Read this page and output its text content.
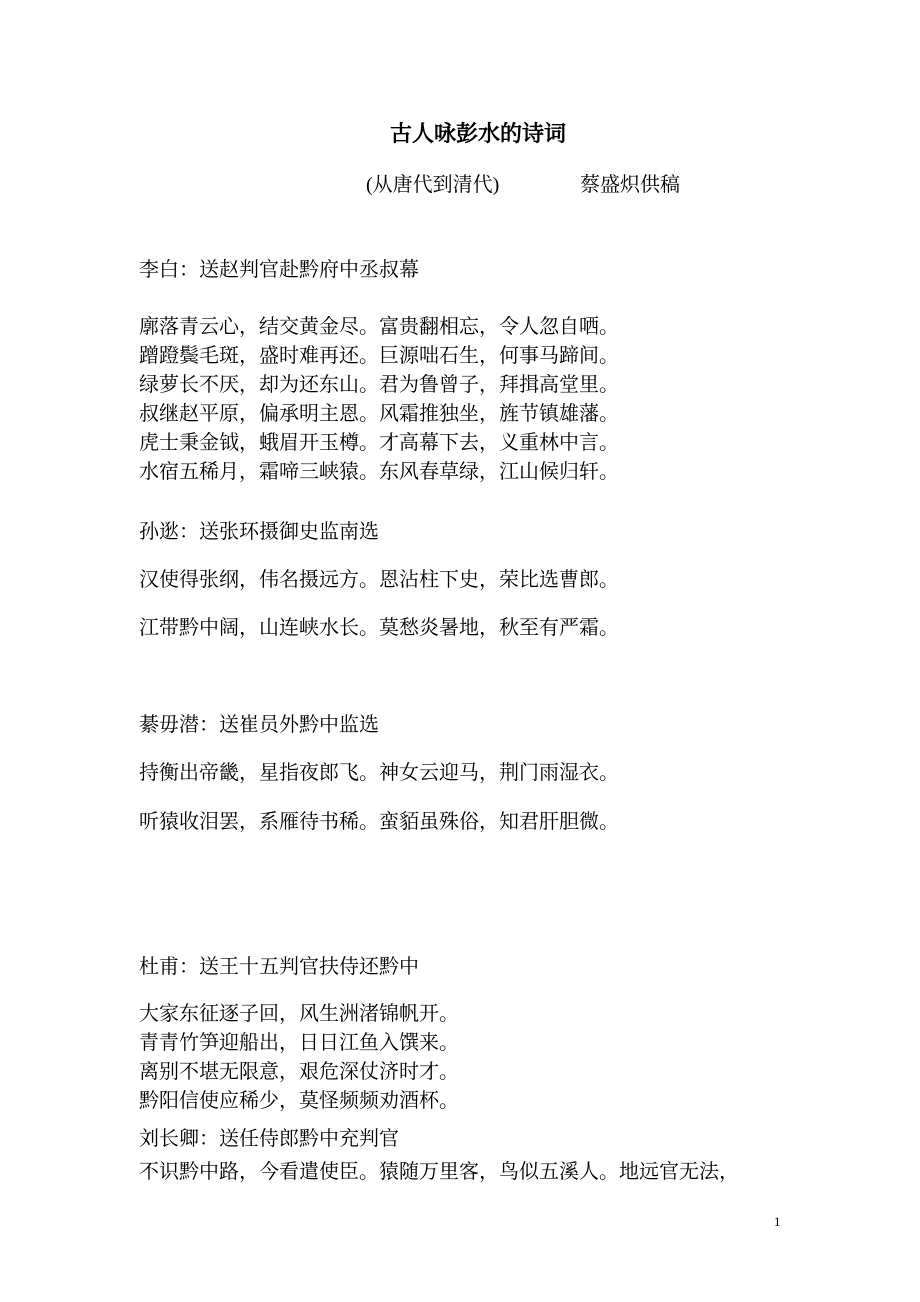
古人咏彭水的诗词
(从唐代到清代)	蔡盛炽供稿
李白：送赵判官赴黔府中丞叔幕
廓落青云心，结交黄金尽。富贵翻相忘，令人忽自哂。
蹭蹬鬓毛斑，盛时难再还。巨源咄石生，何事马蹄间。
绿萝长不厌，却为还东山。君为鲁曾子，拜揖高堂里。
叔继赵平原，偏承明主恩。风霜推独坐，旌节镇雄藩。
虎士秉金钺，蛾眉开玉樽。才高幕下去，义重林中言。
水宿五稀月，霜啼三峡猿。东风春草绿，江山候归轩。
孙逖：送张环摄御史监南选
汉使得张纲，伟名摄远方。恩沾柱下史，荣比选曹郎。
江带黔中阔，山连峡水长。莫愁炎暑地，秋至有严霜。
綦毋潜：送崔员外黔中监选
持衡出帝畿，星指夜郎飞。神女云迎马，荆门雨湿衣。
听猿收泪罢，系雁待书稀。蛮貊虽殊俗，知君肝胆微。
杜甫：送王十五判官扶侍还黔中
大家东征逐子回，风生洲渚锦帆开。
青青竹笋迎船出，日日江鱼入馔来。
离别不堪无限意，艰危深仗济时才。
黔阳信使应稀少，莫怪频频劝酒杯。
刘长卿：送任侍郎黔中充判官
不识黔中路，今看遣使臣。猿随万里客，鸟似五溪人。地远官无法，
1
